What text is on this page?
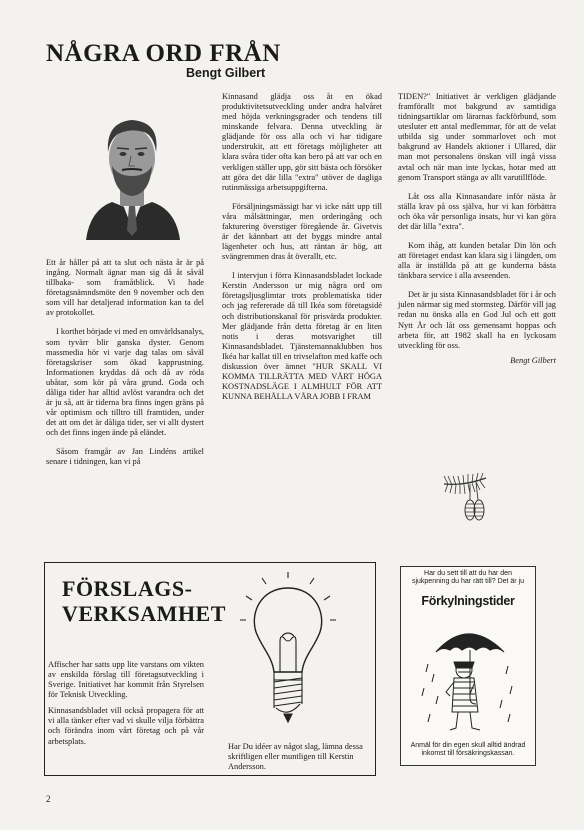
NÅGRA ORD FRÅN
Bengt Gilbert

Ett år håller på att ta slut och nästa år är på ingång. Normalt ägnar man sig då åt såväl tillbaka- som framåtblick. Vi hade företagsnämndsmöte den 9 november och den som vill har detaljerad information kan ta del av protokollet.

I korthet började vi med en omvärldsanalys, som tyvärr blir ganska dyster. Genom massmedia hör vi varje dag talas om såväl företagskriser som ökad kapprustning. Informationen kryddas då och då av röda ubåtar, som kör på våra grund. Goda och dåliga tider har alltid avlöst varandra och det är ju så, att är tiderna bra finns ingen gräns på vår optimism och tilltro till framtiden, under det att om det är dåliga tider, ser vi allt dystert och det finns ingen ände på eländet.

Såsom framgår av Jan Lindéns artikel senare i tidningen, kan vi på

Kinnasand glädja oss åt en ökad produktivitetsutveckling under andra halvåret med höjda verkningsgrader och tendens till minskande felvara. Denna utveckling är glädjande för oss alla och vi har tidigare understrukit, att ett företags möjligheter att klara svåra tider ofta kan bero på att var och en verkligen ställer upp, gör sitt bästa och försöker att göra det där lilla "extra" utöver de dagliga rutinmässiga arbetsuppgifterna.

Försäljningsmässigt har vi icke nått upp till våra målsättningar, men orderingång och fakturering överstiger föregående år. Givetvis är det kännbart att det byggs mindre antal lägenheter och hus, att räntan är hög, att svängremmen dras åt överallt, etc.

I intervjun i förra Kinnasandsbladet lockade Kerstin Andersson ur mig några ord om företagsljusglimtar trots problematiska tider och jag refererade då till Ikéa som företagsidé och distributionskanal för prisvärda produkter. Mer glädjande från detta företag är en liten notis i deras motsvarighet till Kinnasandsbladet. Tjänstemannaklubben hos Ikéa har kallat till en trivselafton med kaffe och diskussion över ämnet "HUR SKALL VI KOMMA TILLRÄTTA MED VÅRT HÖGA KOSTNADSLÄGE I ALMHULT FÖR ATT KUNNA BEHÅLLA VÅRA JOBB I FRAM

TIDEN?" Initiativet är verkligen glädjande framförallt mot bakgrund av samtidiga tidningsartiklar om lärarnas fackförbund, som utesluter ett antal medlemmar, för att de velat utbilda sig under sommarlovet och mot bakgrund av Handels aktioner i Ullared, där man mot personalens önskan vill ingå vissa avtal och när man inte lyckas, hotar med att genom Transport stänga av allt varutillflöde.

Låt oss alla Kinnasandare inför nästa år ställa krav på oss själva, hur vi kan förbättra och öka vår personliga insats, hur vi kan göra det där lilla "extra".

Kom ihåg, att kunden betalar Din lön och att företaget endast kan klara sig i längden, om alla är inställda på att ge kunderna bästa tänkbara service i alla avseenden.

Det är ju sista Kinnasandsbladet för i år och julen närmar sig med stormsteg. Därför vill jag redan nu önska alla en God Jul och ett gott Nytt År och låt oss gemensamt hoppas och arbeta för, att 1982 skall ha en lyckosam utveckling för oss.

Bengt Gilbert
FÖRSLAGS-
VERKSAMHET

Affischer har satts upp lite varstans om vikten av enskilda förslag till företagsutveckling i Sverige. Initiativet har kommit från Styrelsen för Teknisk Utveckling.

Kinnasandsbladet vill också propagera för att vi alla tänker efter vad vi skulle vilja förbättra och förändra inom vårt företag och på vår arbetsplats.

Har Du idéer av något slag, lämna dessa skriftligen eller muntligen till Kerstin Andersson.
Har du sett till att du har den sjukpenning du har rätt till? Det är ju
Förkylningstider
Anmäl för din egen skull alltid ändrad inkomst till försäkringskassan.
2
